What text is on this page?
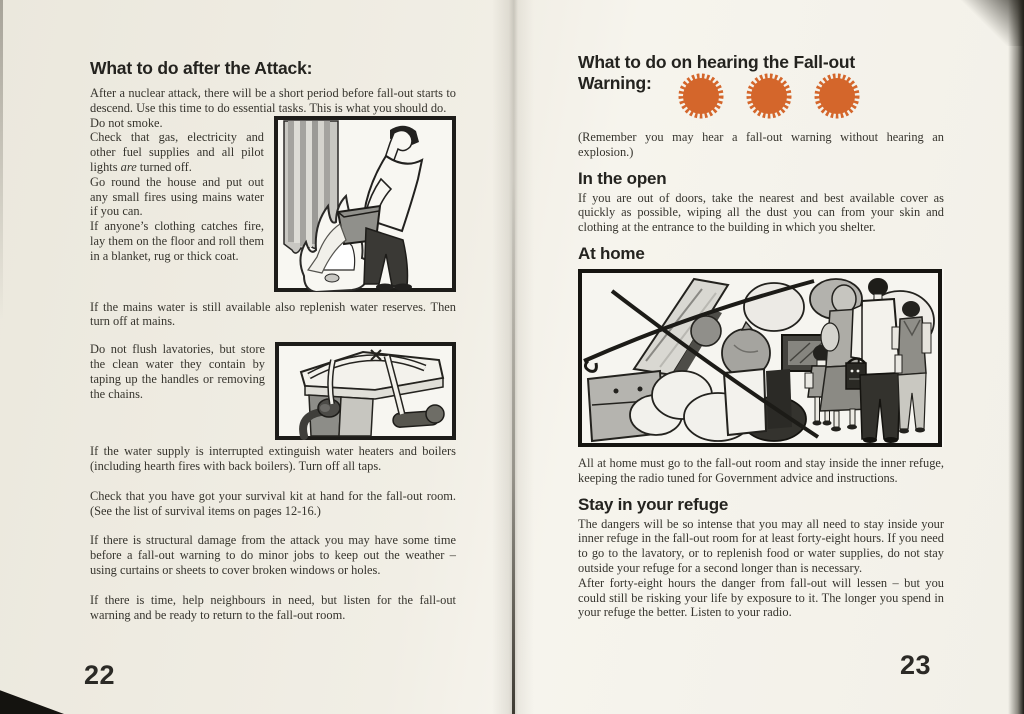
What to do after the Attack:

After a nuclear attack, there will be a short period before fall-out starts to descend. Use this time to do essential tasks. This is what you should do.

Do not smoke.

Check that gas, electricity and other fuel supplies and all pilot lights are turned off.

Go round the house and put out any small fires using mains water if you can.

If anyone’s clothing catches fire, lay them on the floor and roll them in a blanket, rug or thick coat.

If the mains water is still available also replenish water reserves. Then turn off at mains.

Do not flush lavatories, but store the clean water they contain by taping up the handles or removing the chains.

If the water supply is interrupted extinguish water heaters and boilers (including hearth fires with back boilers). Turn off all taps.

Check that you have got your survival kit at hand for the fall-out room. (See the list of survival items on pages 12-16.)

If there is structural damage from the attack you may have some time before a fall-out warning to do minor jobs to keep out the weather – using curtains or sheets to cover broken windows or holes.

If there is time, help neighbours in need, but listen for the fall-out warning and be ready to return to the fall-out room.

22
What to do on hearing the Fall-out
Warning:

(Remember you may hear a fall-out warning without hearing an explosion.)

In the open

If you are out of doors, take the nearest and best available cover as quickly as possible, wiping all the dust you can from your skin and clothing at the entrance to the building in which you shelter.

At home

All at home must go to the fall-out room and stay inside the inner refuge, keeping the radio tuned for Government advice and instructions.

Stay in your refuge

The dangers will be so intense that you may all need to stay inside your inner refuge in the fall-out room for at least forty-eight hours. If you need to go to the lavatory, or to replenish food or water supplies, do not stay outside your refuge for a second longer than is necessary.

After forty-eight hours the danger from fall-out will lessen – but you could still be risking your life by exposure to it. The longer you spend in your refuge the better. Listen to your radio.

23
